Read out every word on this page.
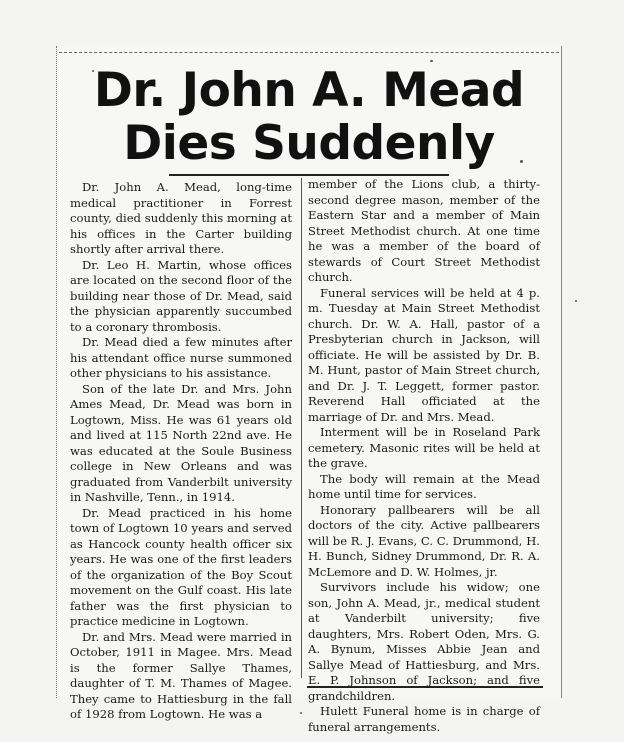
Dr. John A. Mead
Dies Suddenly

Dr. John A. Mead, long-time medical practitioner in Forrest county, died suddenly this morning at his offices in the Carter building shortly after arrival there.

Dr. Leo H. Martin, whose offices are located on the second floor of the building near those of Dr. Mead, said the physician apparently succumbed to a coronary thrombosis.

Dr. Mead died a few minutes after his attendant office nurse summoned other physicians to his assistance.

Son of the late Dr. and Mrs. John Ames Mead, Dr. Mead was born in Logtown, Miss. He was 61 years old and lived at 115 North 22nd ave. He was educated at the Soule Business college in New Orleans and was graduated from Vanderbilt university in Nashville, Tenn., in 1914.

Dr. Mead practiced in his home town of Logtown 10 years and served as Hancock county health officer six years. He was one of the first leaders of the organization of the Boy Scout movement on the Gulf coast. His late father was the first physician to practice medicine in Logtown.

Dr. and Mrs. Mead were married in October, 1911 in Magee. Mrs. Mead is the former Sallye Thames, daughter of T. M. Thames of Magee. They came to Hattiesburg in the fall of 1928 from Logtown. He was a

member of the Lions club, a thirty-second degree mason, member of the Eastern Star and a member of Main Street Methodist church. At one time he was a member of the board of stewards of Court Street Methodist church.

Funeral services will be held at 4 p. m. Tuesday at Main Street Methodist church. Dr. W. A. Hall, pastor of a Presbyterian church in Jackson, will officiate. He will be assisted by Dr. B. M. Hunt, pastor of Main Street church, and Dr. J. T. Leggett, former pastor. Reverend Hall officiated at the marriage of Dr. and Mrs. Mead.

Interment will be in Roseland Park cemetery. Masonic rites will be held at the grave.

The body will remain at the Mead home until time for services.

Honorary pallbearers will be all doctors of the city. Active pallbearers will be R. J. Evans, C. C. Drummond, H. H. Bunch, Sidney Drummond, Dr. R. A. McLemore and D. W. Holmes, jr.

Survivors include his widow; one son, John A. Mead, jr., medical student at Vanderbilt university; five daughters, Mrs. Robert Oden, Mrs. G. A. Bynum, Misses Abbie Jean and Sallye Mead of Hattiesburg, and Mrs. E. P. Johnson of Jackson; and five grandchildren.

Hulett Funeral home is in charge of funeral arrangements.
